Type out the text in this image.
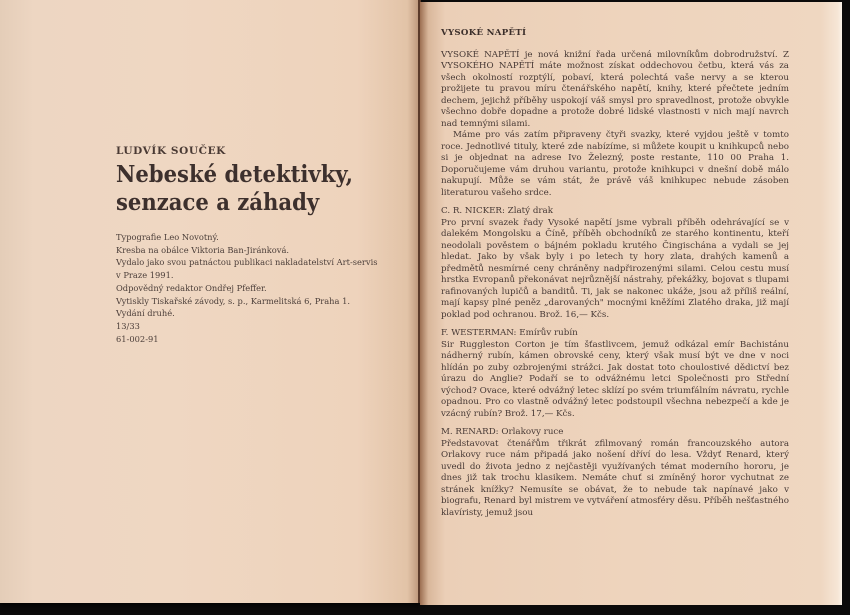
LUDVÍK SOUČEK

Nebeské detektivky,

senzace a záhady

Typografie Leo Novotný.
Kresba na obálce Viktoria Ban-Jiránková.
Vydalo jako svou patnáctou publikaci nakladatelství Art-servis
v Praze 1991.
Odpovědný redaktor Ondřej Pfeffer.
Vytiskly Tiskařské závody, s. p., Karmelitská 6, Praha 1.
Vydání druhé.
13/33
61-002-91

VYSOKÉ NAPĚTÍ

VYSOKÉ NAPĚTÍ je nová knižní řada určená milovníkům dobrodružství. Z VYSOKÉHO NAPĚTÍ máte možnost získat oddechovou četbu, která vás za všech okolností rozptýlí, pobaví, která polechtá vaše nervy a se kterou prožijete tu pravou míru čtenářského napětí, knihy, které přečtete jedním dechem, jejichž příběhy uspokojí váš smysl pro spravedlnost, protože obvykle všechno dobře dopadne a protože dobré lidské vlastnosti v nich mají navrch nad temnými silami.

Máme pro vás zatím připraveny čtyři svazky, které vyjdou ještě v tomto roce. Jednotlivé tituly, které zde nabízíme, si můžete koupit u knihkupců nebo si je objednat na adrese Ivo Železný, poste restante, 110 00 Praha 1. Doporučujeme vám druhou variantu, protože knihkupci v dnešní době málo nakupují. Může se vám stát, že právě váš knihkupec nebude zásoben literaturou vašeho srdce.

C. R. NICKER: Zlatý drak

Pro první svazek řady Vysoké napětí jsme vybrali příběh odehrávající se v dalekém Mongolsku a Číně, příběh obchodníků ze starého kontinentu, kteří neodolali pověstem o bájném pokladu krutého Čingischána a vydali se jej hledat. Jako by však byly i po letech ty hory zlata, drahých kamenů a předmětů nesmírné ceny chráněny nadpřirozenými silami. Celou cestu musí hrstka Evropanů překonávat nejrůznější nástrahy, překážky, bojovat s tlupami rafinovaných lupičů a banditů. Ti, jak se nakonec ukáže, jsou až příliš reální, mají kapsy plné peněz „darovaných" mocnými kněžími Zlatého draka, již mají poklad pod ochranou. Brož. 16,— Kčs.

F. WESTERMAN: Emírův rubín

Sir Ruggleston Corton je tím šťastlivcem, jemuž odkázal emír Bachistánu nádherný rubín, kámen obrovské ceny, který však musí být ve dne v noci hlídán po zuby ozbrojenými strážci. Jak dostat toto choulostivé dědictví bez úrazu do Anglie? Podaří se to odvážnému letci Společnosti pro Střední východ? Ovace, které odvážný letec sklízí po svém triumfálním návratu, rychle opadnou. Pro co vlastně odvážný letec podstoupil všechna nebezpečí a kde je vzácný rubín? Brož. 17,— Kčs.

M. RENARD: Orlakovy ruce

Představovat čtenářům třikrát zfilmovaný román francouzského autora Orlakovy ruce nám připadá jako nošení dříví do lesa. Vždyť Renard, který uvedl do života jedno z nejčastěji využívaných témat moderního hororu, je dnes již tak trochu klasikem. Nemáte chuť si zmíněný horor vychutnat ze stránek knížky? Nemusíte se obávat, že to nebude tak napínavé jako v biografu, Renard byl mistrem ve vytváření atmosféry děsu. Příběh nešťastného klavíristy, jemuž jsou
